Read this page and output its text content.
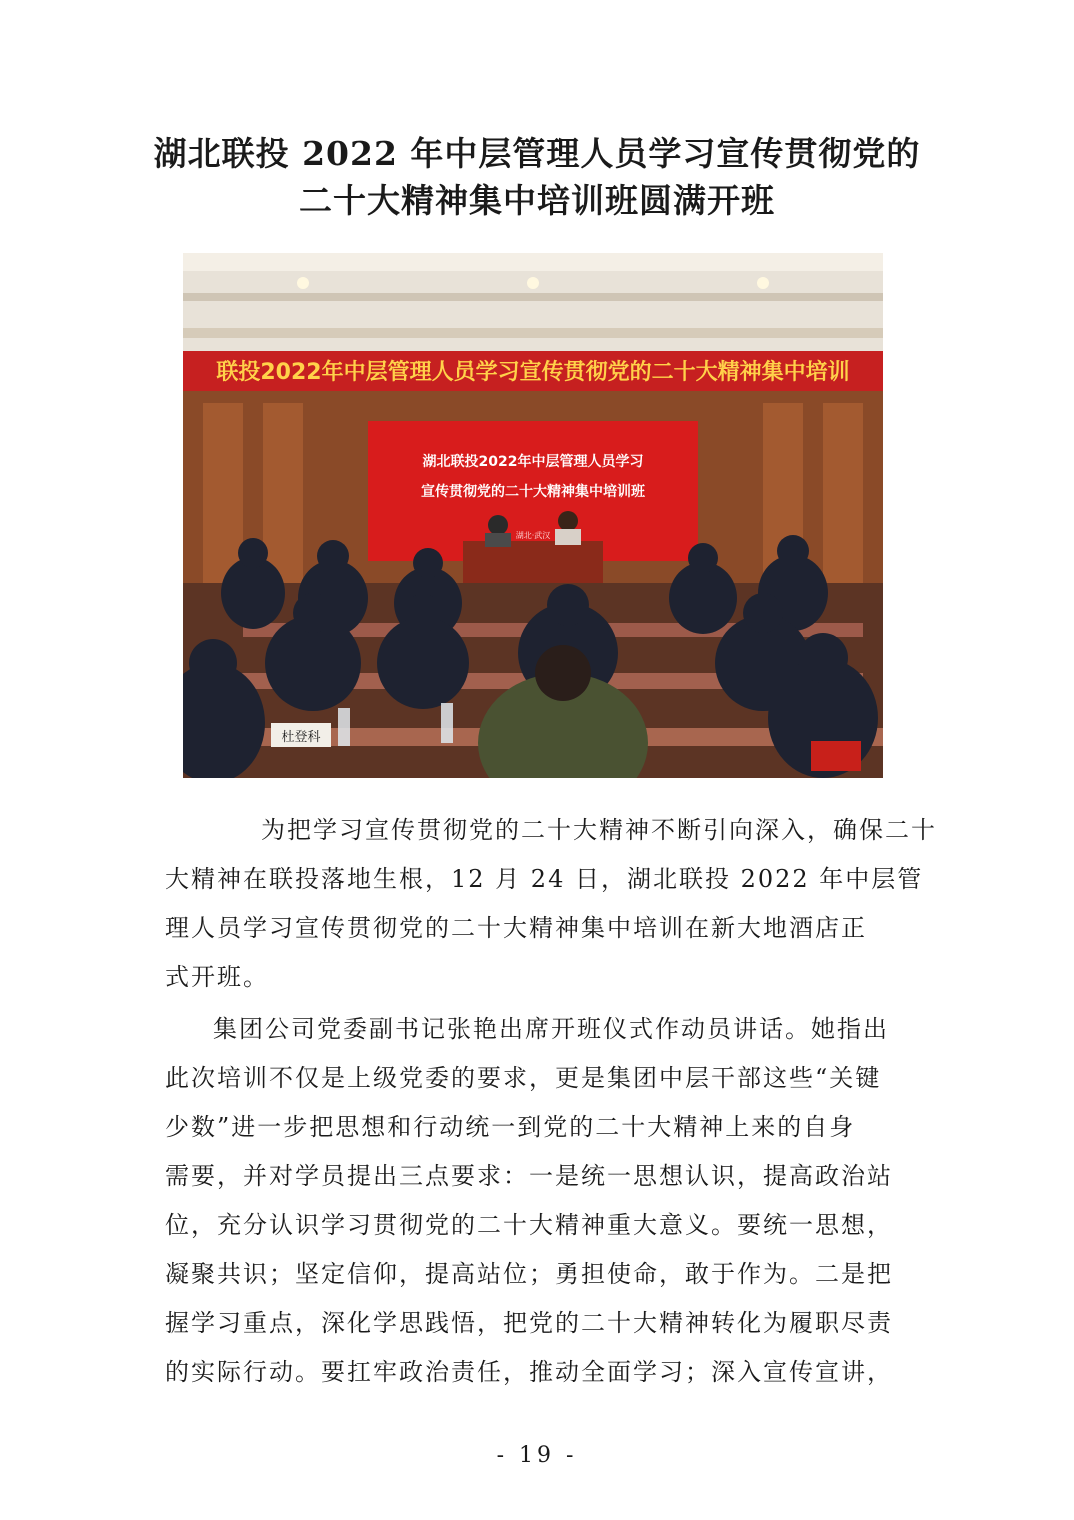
湖北联投 2022 年中层管理人员学习宣传贯彻党的
二十大精神集中培训班圆满开班
联投2022年中层管理人员学习宣传贯彻党的二十大精神集中培训
湖北联投2022年中层管理人员学习
宣传贯彻党的二十大精神集中培训班
湖北·武汉
杜登科
为把学习宣传贯彻党的二十大精神不断引向深入，确保二十
大精神在联投落地生根，12 月 24 日，湖北联投 2022 年中层管
理人员学习宣传贯彻党的二十大精神集中培训在新大地酒店正
式开班。
集团公司党委副书记张艳出席开班仪式作动员讲话。她指出
此次培训不仅是上级党委的要求，更是集团中层干部这些“关键
少数”进一步把思想和行动统一到党的二十大精神上来的自身
需要，并对学员提出三点要求：一是统一思想认识，提高政治站
位，充分认识学习贯彻党的二十大精神重大意义。要统一思想，
凝聚共识；坚定信仰，提高站位；勇担使命，敢于作为。二是把
握学习重点，深化学思践悟，把党的二十大精神转化为履职尽责
的实际行动。要扛牢政治责任，推动全面学习；深入宣传宣讲，
- 19 -
